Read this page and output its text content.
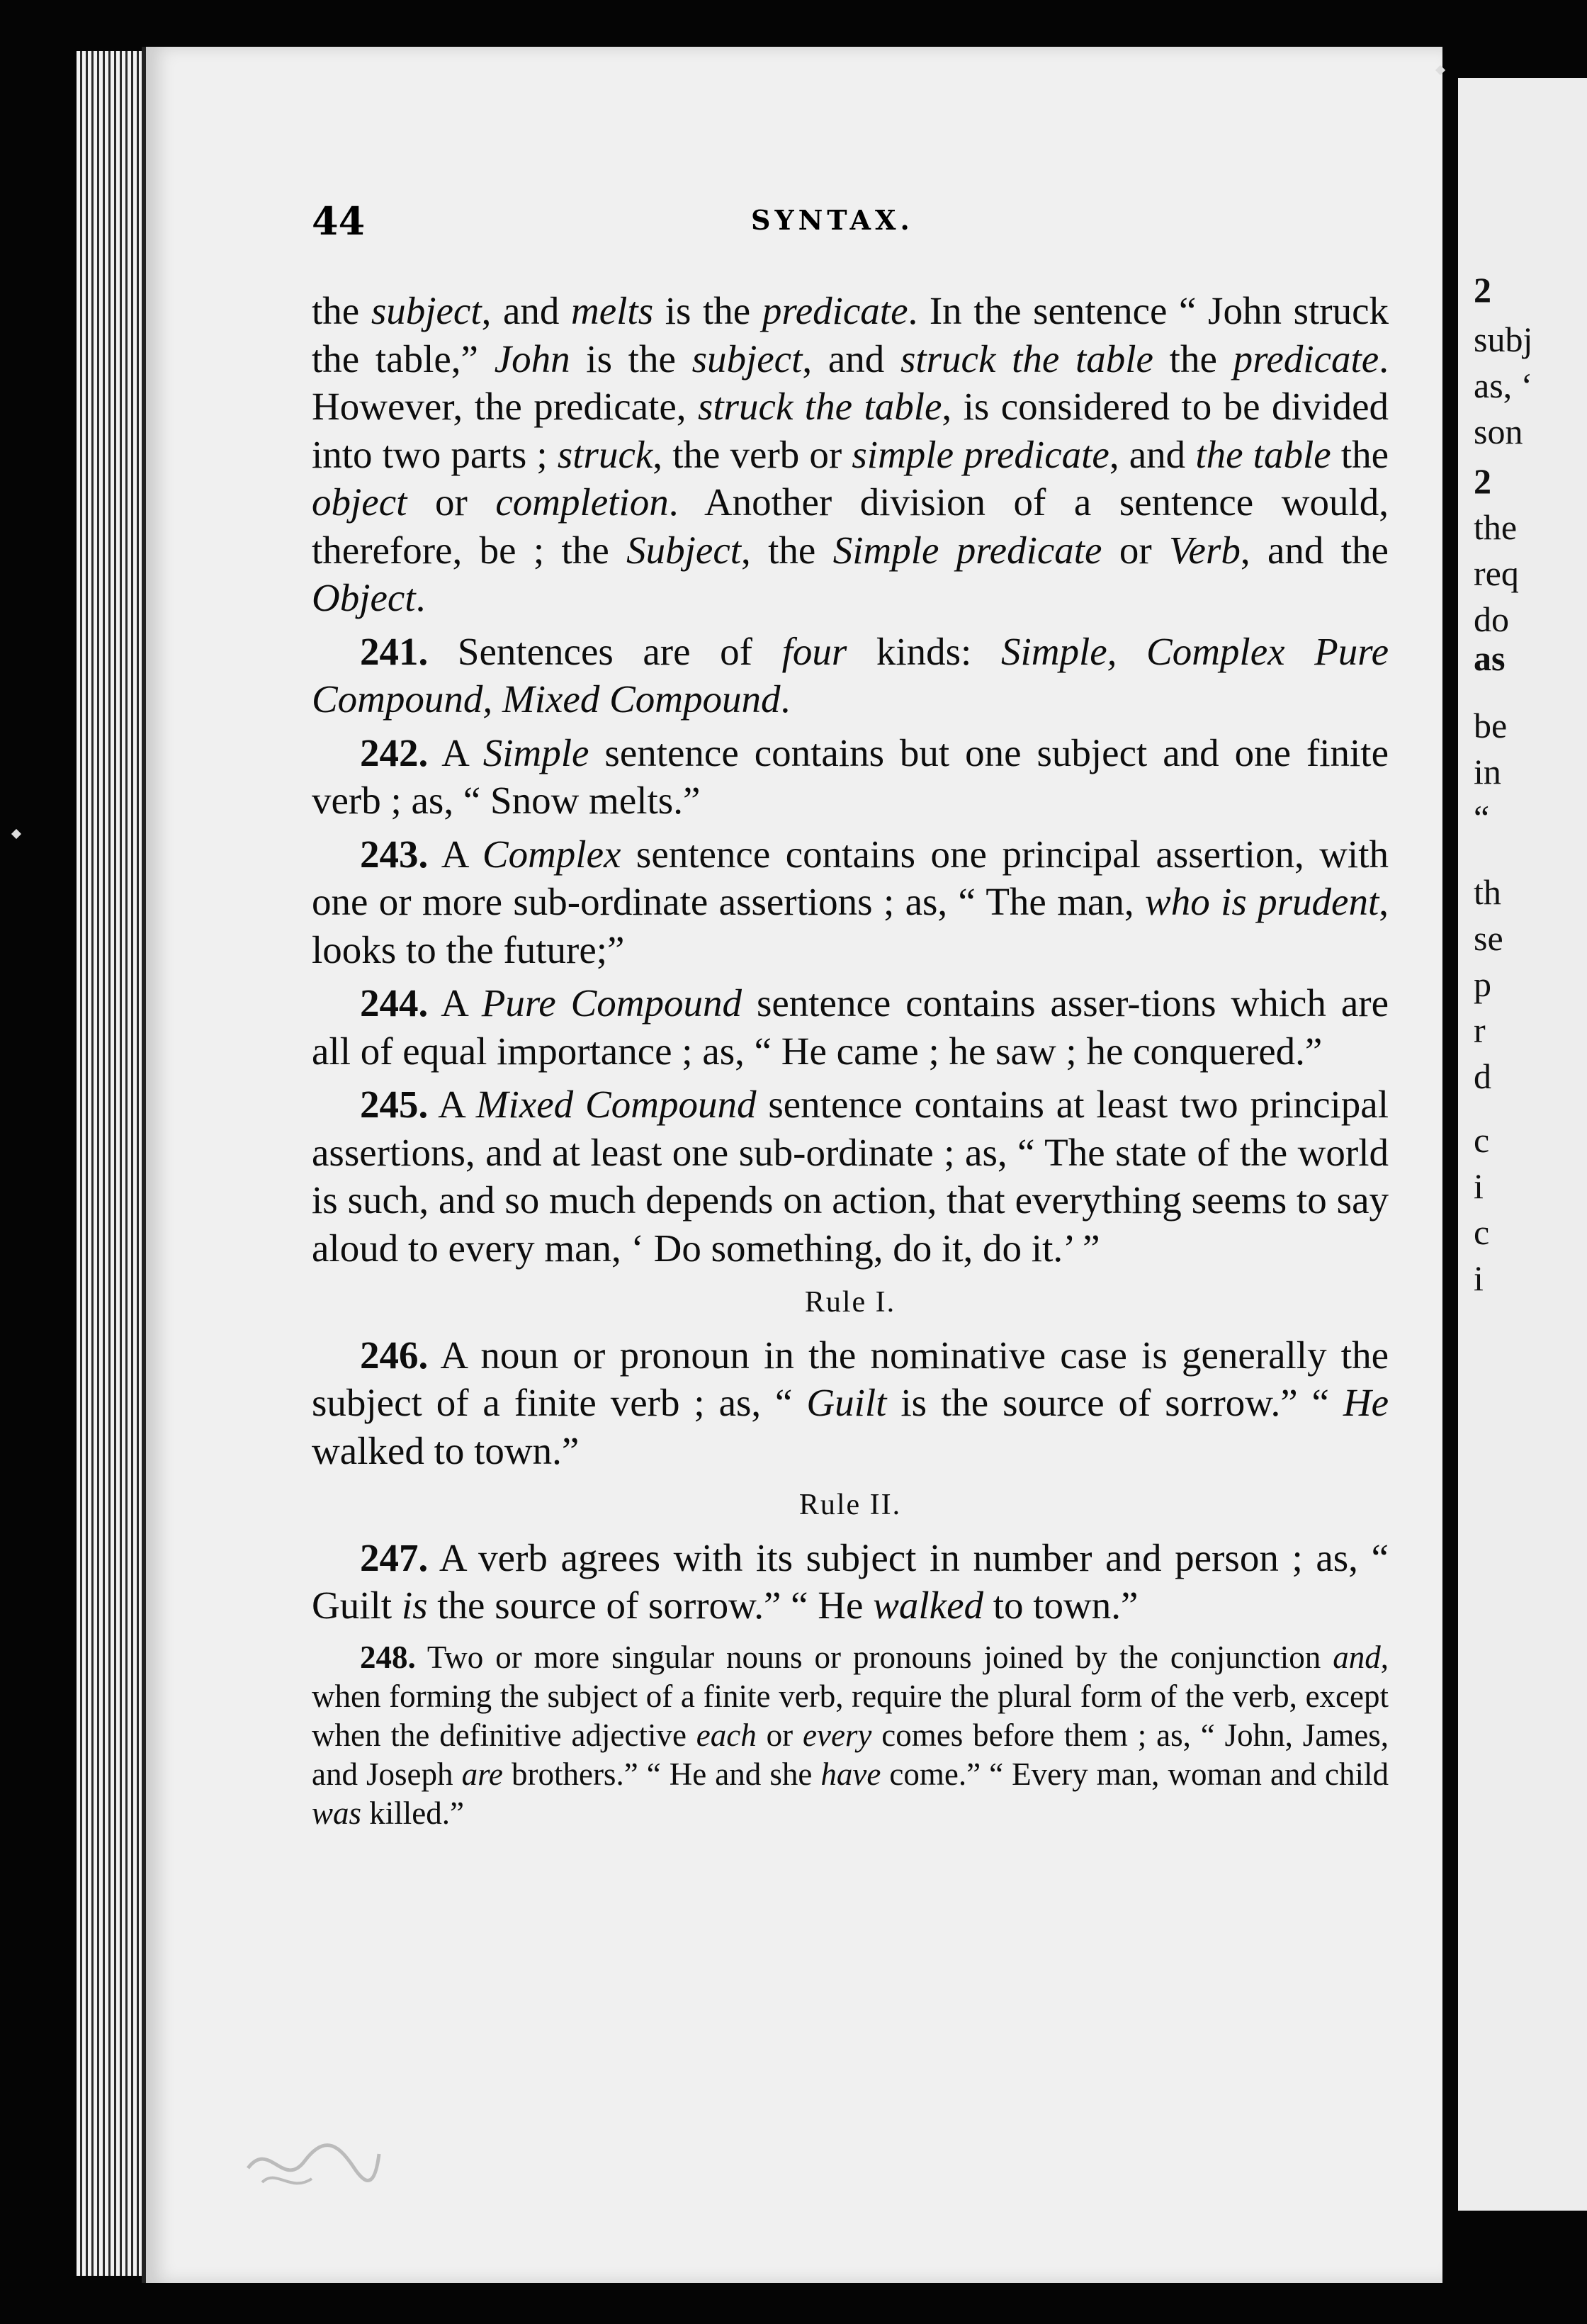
2
subj
as, ‘
son
2
the
req
do
as
be
in
“
th
se
p
r
d
c
i
c
i
44	SYNTAX.

the subject, and melts is the predicate. In the sentence “ John struck the table,” John is the subject, and struck the table the predicate. However, the predicate, struck the table, is considered to be divided into two parts ; struck, the verb or simple predicate, and the table the object or completion. Another division of a sentence would, therefore, be ; the Subject, the Simple predicate or Verb, and the Object.

241. Sentences are of four kinds: Simple, Complex Pure Compound, Mixed Compound.

242. A Simple sentence contains but one subject and one finite verb ; as, “ Snow melts.”

243. A Complex sentence contains one principal assertion, with one or more sub-ordinate assertions ; as, “ The man, who is prudent, looks to the future;”

244. A Pure Compound sentence contains asser-tions which are all of equal importance ; as, “ He came ; he saw ; he conquered.”

245. A Mixed Compound sentence contains at least two principal assertions, and at least one sub-ordinate ; as, “ The state of the world is such, and so much depends on action, that everything seems to say aloud to every man, ‘ Do something, do it, do it.’ ”

Rule I.

246. A noun or pronoun in the nominative case is generally the subject of a finite verb ; as, “ Guilt is the source of sorrow.” “ He walked to town.”

Rule II.

247. A verb agrees with its subject in number and person ; as, “ Guilt is the source of sorrow.” “ He walked to town.”

248. Two or more singular nouns or pronouns joined by the conjunction and, when forming the subject of a finite verb, require the plural form of the verb, except when the definitive adjective each or every comes before them ; as, “ John, James, and Joseph are brothers.” “ He and she have come.” “ Every man, woman and child was killed.”
